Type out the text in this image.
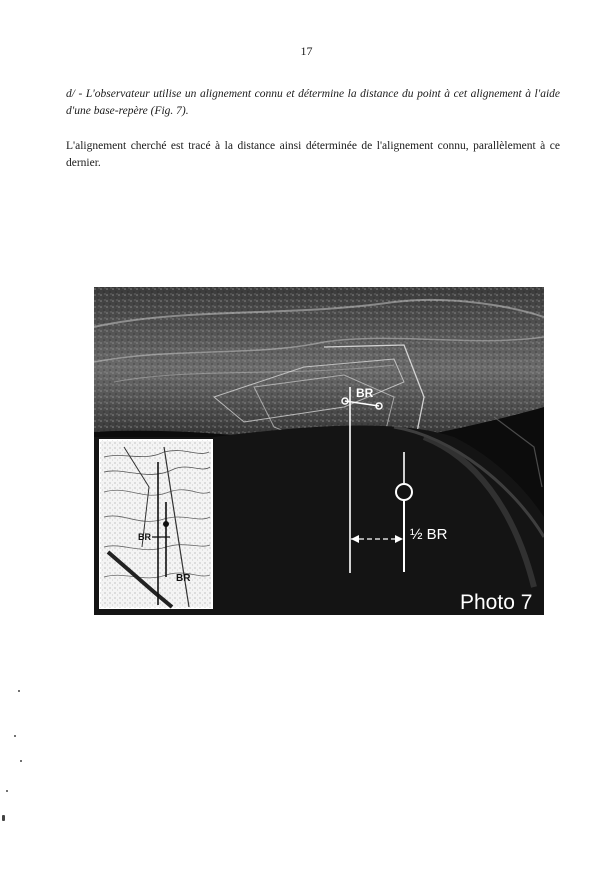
17

d/ - L'observateur utilise un alignement connu et détermine la distance du point à cet alignement à l'aide d'une base-repère (Fig. 7).

L'alignement cherché est tracé à la distance ainsi déterminée de l'alignement connu, parallèlement à ce dernier.

BR
½ BR
Photo 7
BR
BR
